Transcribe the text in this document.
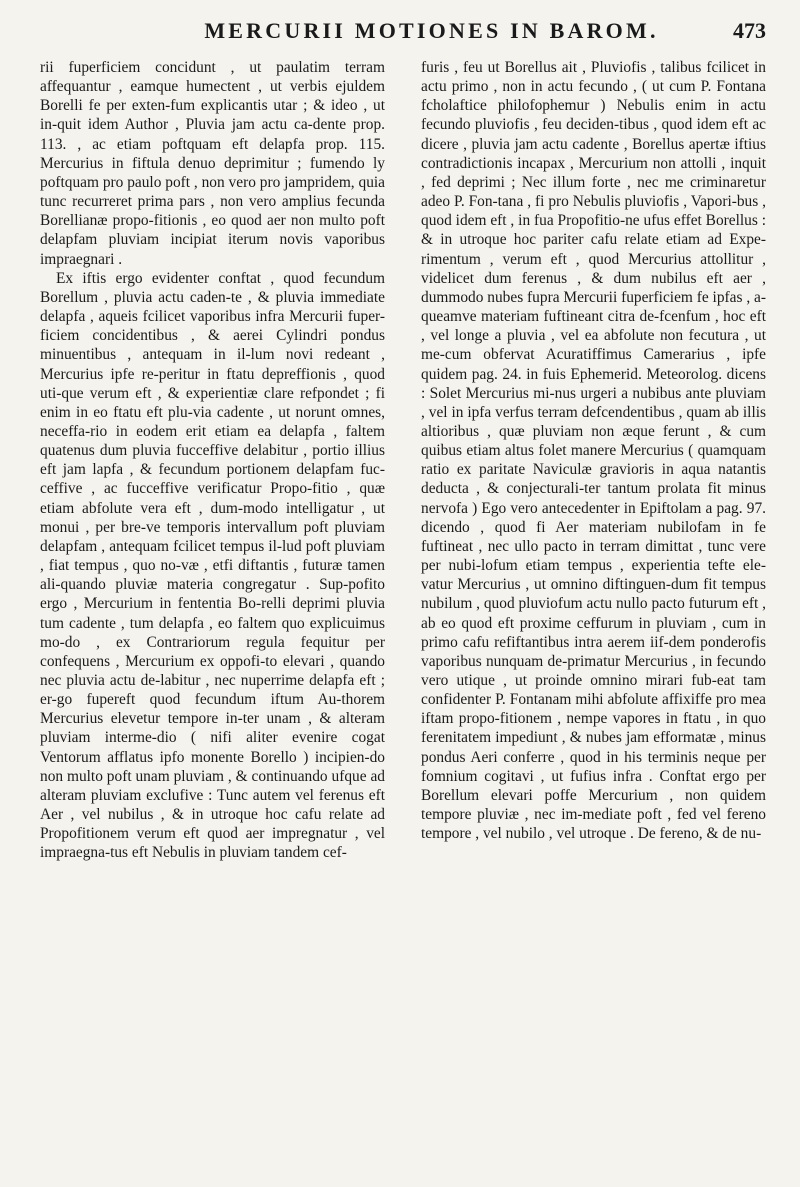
MERCURII MOTIONES IN BAROM.	473

rii fuperficiem concidunt , ut paulatim terram affequantur , eamque humectent , ut verbis ejuldem Borelli fe per exten-fum explicantis utar ; & ideo , ut in-quit idem Author , Pluvia jam actu ca-dente prop. 113. , ac etiam poftquam eft delapfa prop. 115. Mercurius in fiftula denuo deprimitur ; fumendo ly poftquam pro paulo poft , non vero pro jampridem, quia tunc recurreret prima pars , non vero amplius fecunda Borellianæ propo-fitionis , eo quod aer non multo poft delapfam pluviam incipiat iterum novis vaporibus impraegnari .

Ex iftis ergo evidenter conftat , quod fecundum Borellum , pluvia actu caden-te , & pluvia immediate delapfa , aqueis fcilicet vaporibus infra Mercurii fuper-ficiem concidentibus , & aerei Cylindri pondus minuentibus , antequam in il-lum novi redeant , Mercurius ipfe re-peritur in ftatu depreffionis , quod uti-que verum eft , & experientiæ clare refpondet ; fi enim in eo ftatu eft plu-via cadente , ut norunt omnes, neceffa-rio in eodem erit etiam ea delapfa , faltem quatenus dum pluvia fucceffive delabitur , portio illius eft jam lapfa , & fecundum portionem delapfam fuc-ceffive , ac fucceffive verificatur Propo-fitio , quæ etiam abfolute vera eft , dum-modo intelligatur , ut monui , per bre-ve temporis intervallum poft pluviam delapfam , antequam fcilicet tempus il-lud poft pluviam , fiat tempus , quo no-væ , etfi diftantis , futuræ tamen ali-quando pluviæ materia congregatur . Sup-pofito ergo , Mercurium in fententia Bo-relli deprimi pluvia tum cadente , tum delapfa , eo faltem quo explicuimus mo-do , ex Contrariorum regula fequitur per confequens , Mercurium ex oppofi-to elevari , quando nec pluvia actu de-labitur , nec nuperrime delapfa eft ; er-go fupereft quod fecundum iftum Au-thorem Mercurius elevetur tempore in-ter unam , & alteram pluviam interme-dio ( nifi aliter evenire cogat Ventorum afflatus ipfo monente Borello ) incipien-do non multo poft unam pluviam , & continuando ufque ad alteram pluviam exclufive : Tunc autem vel ferenus eft Aer , vel nubilus , & in utroque hoc cafu relate ad Propofitionem verum eft quod aer impregnatur , vel impraegna-tus eft Nebulis in pluviam tandem cef-

furis , feu ut Borellus ait , Pluviofis , talibus fcilicet in actu primo , non in actu fecundo , ( ut cum P. Fontana fcholaftice philofophemur ) Nebulis enim in actu fecundo pluviofis , feu deciden-tibus , quod idem eft ac dicere , pluvia jam actu cadente , Borellus apertæ iftius contradictionis incapax , Mercurium non attolli , inquit , fed deprimi ; Nec illum forte , nec me criminaretur adeo P. Fon-tana , fi pro Nebulis pluviofis , Vapori-bus , quod idem eft , in fua Propofitio-ne ufus effet Borellus : & in utroque hoc pariter cafu relate etiam ad Expe-rimentum , verum eft , quod Mercurius attollitur , videlicet dum ferenus , & dum nubilus eft aer , dummodo nubes fupra Mercurii fuperficiem fe ipfas , a-queamve materiam fuftineant citra de-fcenfum , hoc eft , vel longe a pluvia , vel ea abfolute non fecutura , ut me-cum obfervat Acuratiffimus Camerarius , ipfe quidem pag. 24. in fuis Ephemerid. Meteorolog. dicens : Solet Mercurius mi-nus urgeri a nubibus ante pluviam , vel in ipfa verfus terram defcendentibus , quam ab illis altioribus , quæ pluviam non æque ferunt , & cum quibus etiam altus folet manere Mercurius ( quamquam ratio ex paritate Naviculæ gravioris in aqua natantis deducta , & conjecturali-ter tantum prolata fit minus nervofa ) Ego vero antecedenter in Epiftolam a pag. 97. dicendo , quod fi Aer materiam nubilofam in fe fuftineat , nec ullo pacto in terram dimittat , tunc vere per nubi-lofum etiam tempus , experientia tefte ele-vatur Mercurius , ut omnino diftinguen-dum fit tempus nubilum , quod pluviofum actu nullo pacto futurum eft , ab eo quod eft proxime ceffurum in pluviam , cum in primo cafu refiftantibus intra aerem iif-dem ponderofis vaporibus nunquam de-primatur Mercurius , in fecundo vero utique , ut proinde omnino mirari fub-eat tam confidenter P. Fontanam mihi abfolute affixiffe pro mea iftam propo-fitionem , nempe vapores in ftatu , in quo ferenitatem impediunt , & nubes jam efformatæ , minus pondus Aeri conferre , quod in his terminis neque per fomnium cogitavi , ut fufius infra . Conftat ergo per Borellum elevari poffe Mercurium , non quidem tempore pluviæ , nec im-mediate poft , fed vel fereno tempore , vel nubilo , vel utroque . De fereno, & de nu-
